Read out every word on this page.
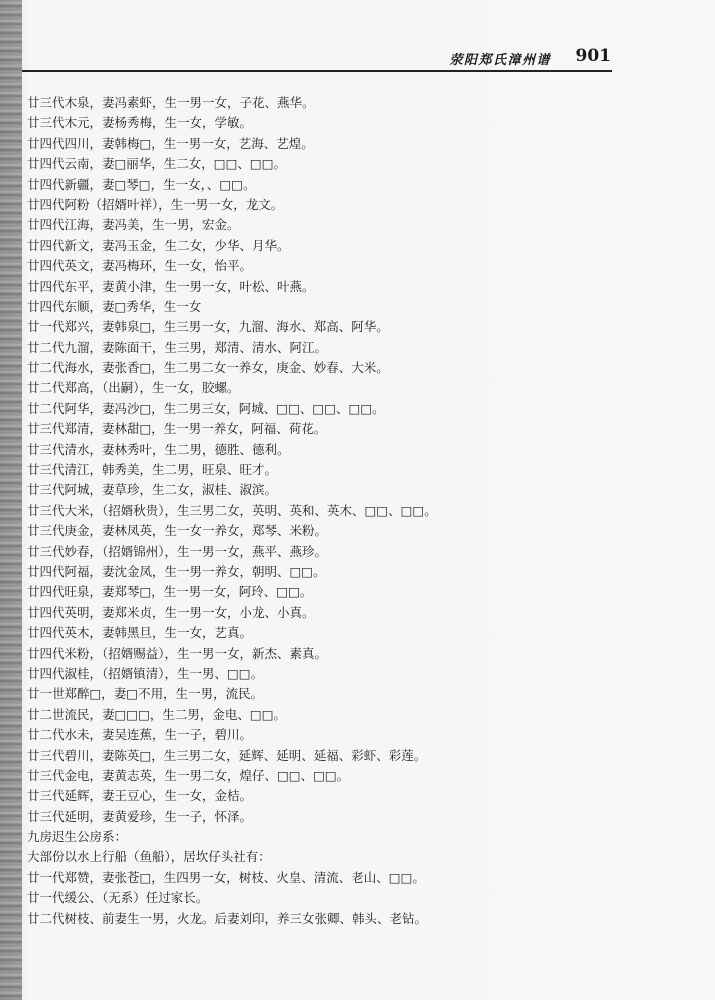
荥阳郑氏漳州谱 901
廿三代木泉，妻冯素虾，生一男一女，子花、燕华。
廿三代木元，妻杨秀梅，生一女，学敏。
廿四代四川，妻韩梅□，生一男一女，艺海、艺煌。
廿四代云南，妻□丽华，生二女，□□、□□。
廿四代新疆，妻□琴□，生一女，、□□。
廿四代阿粉（招婿叶祥），生一男一女，龙文。
廿四代江海，妻冯美，生一男，宏金。
廿四代新文，妻冯玉金，生二女，少华、月华。
廿四代英文，妻冯梅环，生一女，怡平。
廿四代东平，妻黄小津，生一男一女，叶松、叶燕。
廿四代东顺，妻□秀华，生一女
廿一代郑兴，妻韩泉□，生三男一女，九溜、海水、郑高、阿华。
廿二代九溜，妻陈面干，生三男，郑清、清水、阿江。
廿二代海水，妻张香□，生二男二女一养女，庚金、妙春、大米。
廿二代郑高，（出嗣），生一女，胶螺。
廿二代阿华，妻冯沙□，生二男三女，阿城、□□、□□、□□。
廿三代郑清，妻林甜□，生一男一养女，阿福、荷花。
廿三代清水，妻林秀叶，生二男，德胜、德利。
廿三代清江，韩秀美，生二男，旺泉、旺才。
廿三代阿城，妻草珍，生二女，淑桂、淑滨。
廿三代大米，（招婿秋贵），生三男二女，英明、英和、英木、□□、□□。
廿三代庚金，妻林凤英，生一女一养女，郑琴、米粉。
廿三代妙春，（招婿锦州），生一男一女，燕平、燕珍。
廿四代阿福，妻沈金凤，生一男一养女，朝明、□□。
廿四代旺泉，妻郑琴□，生一男一女，阿玲、□□。
廿四代英明，妻郑米贞，生一男一女，小龙、小真。
廿四代英木，妻韩黑旦，生一女，艺真。
廿四代米粉，（招婿赐益），生一男一女，新杰、素真。
廿四代淑桂，（招婿镇清），生一男、□□。
廿一世郑醉□，妻□不用，生一男，流民。
廿二世流民，妻□□□，生二男，金电、□□。
廿二代水未，妻吴连蕉，生一子，碧川。
廿三代碧川，妻陈英□，生三男二女，延辉、延明、延福、彩虾、彩莲。
廿三代金电，妻黄志英，生一男二女，煌仔、□□、□□。
廿三代延辉，妻王豆心，生一女，金桔。
廿三代延明，妻黄爱珍，生一子，怀泽。
九房迟生公房系：
大部份以水上行船（鱼船），居坎仔头社有：
廿一代郑赞，妻张苍□，生四男一女，树枝、火皇、清流、老山、□□。
廿一代缓公、（无系）任过家长。
廿二代树枝、前妻生一男，火龙。后妻刘印，养三女张卿、韩头、老钻。
